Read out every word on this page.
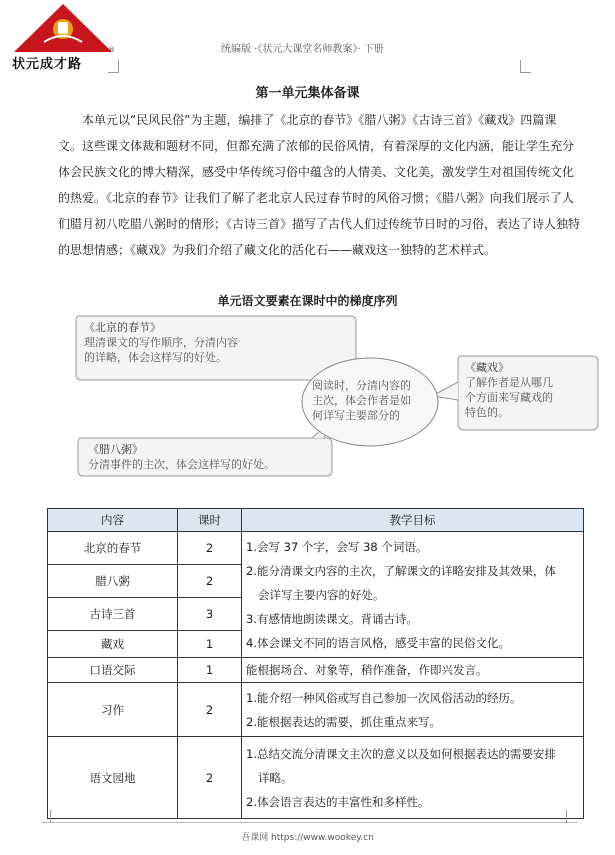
®
状元成才路
统编版 ·《状元大课堂名师教案》· 下册
第一单元集体备课
本单元以“民风民俗”为主题，编排了《北京的春节》《腊八粥》《古诗三首》《藏戏》四篇课文。这些课文体裁和题材不同，但都充满了浓郁的民俗风情，有着深厚的文化内涵，能让学生充分体会民族文化的博大精深，感受中华传统习俗中蕴含的人情美、文化美，激发学生对祖国传统文化的热爱。《北京的春节》让我们了解了老北京人民过春节时的风俗习惯；《腊八粥》向我们展示了人们腊月初八吃腊八粥时的情形；《古诗三首》描写了古代人们过传统节日时的习俗，表达了诗人独特的思想情感；《藏戏》为我们介绍了藏文化的活化石——藏戏这一独特的艺术样式。
单元语文要素在课时中的梯度序列
《北京的春节》
理清课文的写作顺序，分清内容
的详略，体会这样写的好处。
《藏戏》
了解作者是从哪几
个方面来写藏戏的
特色的。
《腊八粥》
分清事件的主次，体会这样写的好处。
阅读时，分清内容的
主次，体会作者是如
何详写主要部分的
内容	课时	教学目标
北京的春节	2	1.会写 37 个字，会写 38 个词语。
2.能分清课文内容的主次，了解课文的详略安排及其效果，体
会详写主要内容的好处。
3.有感情地朗读课文。背诵古诗。
4.体会课文不同的语言风格，感受丰富的民俗文化。

腊八粥	2	
古诗三首	3	
藏戏	1	
口语交际	1	能根据场合、对象等，稍作准备，作即兴发言。
习作	2	1.能介绍一种风俗或写自己参加一次风俗活动的经历。
2.能根据表达的需要，抓住重点来写。

语文园地	2	1.总结交流分清课文主次的意义以及如何根据表达的需要安排
详略。
2.体会语言表达的丰富性和多样性。
吾课网 https://www.wookey.cn
